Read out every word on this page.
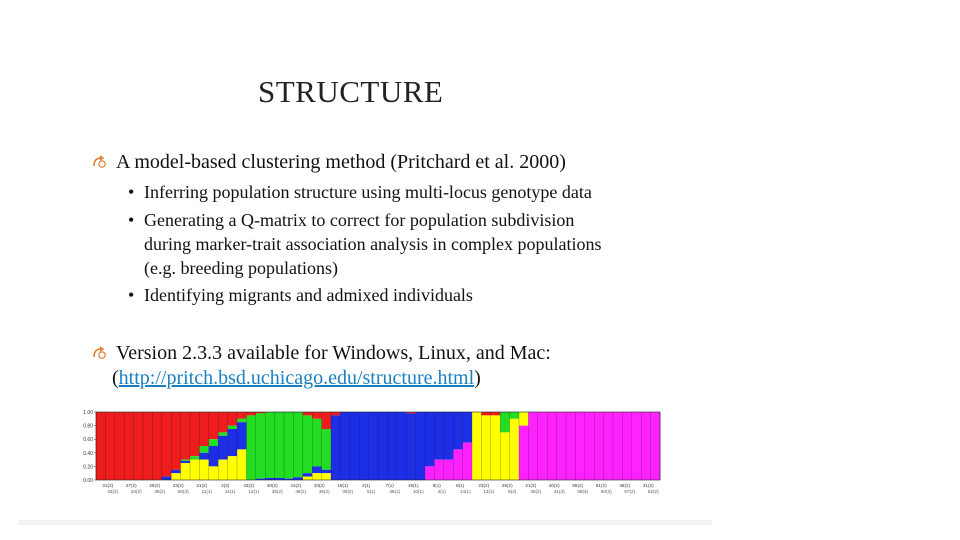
STRUCTURE
A model-based clustering method (Pritchard et al. 2000)
• Inferring population structure using multi-locus genotype data
• Generating a Q-matrix to correct for population subdivision
during marker-trait association analysis in complex populations
(e.g. breeding populations)
• Identifying migrants and admixed individuals
Version 2.3.3 available for Windows, Linux, and Mac:
(http://pritch.bsd.uchicago.edu/structure.html)
1.00
0.80
0.60
0.40
0.20
0.00
31(3)	27(2)	28(2)	23(2)	21(2)	2(2)	43(2)	40(2)	41(2)	33(2)	16(1)	2(1)	7(1)	19(1)	8(1)	8(1)	23(2)	29(2)	21(3)	40(2)	55(2)	61(2)	48(2)	31(2)
33(2)	34(2)	38(2)	50(3)	11(1)	11(1)	12(1)	25(2)	46(2)	39(2)	30(2)	5(1)	36(1)	10(1)	4(1)	14(1)	13(1)	8(2)	30(2)	41(3)	58(3)	50(3)	57(2)	52(2)
